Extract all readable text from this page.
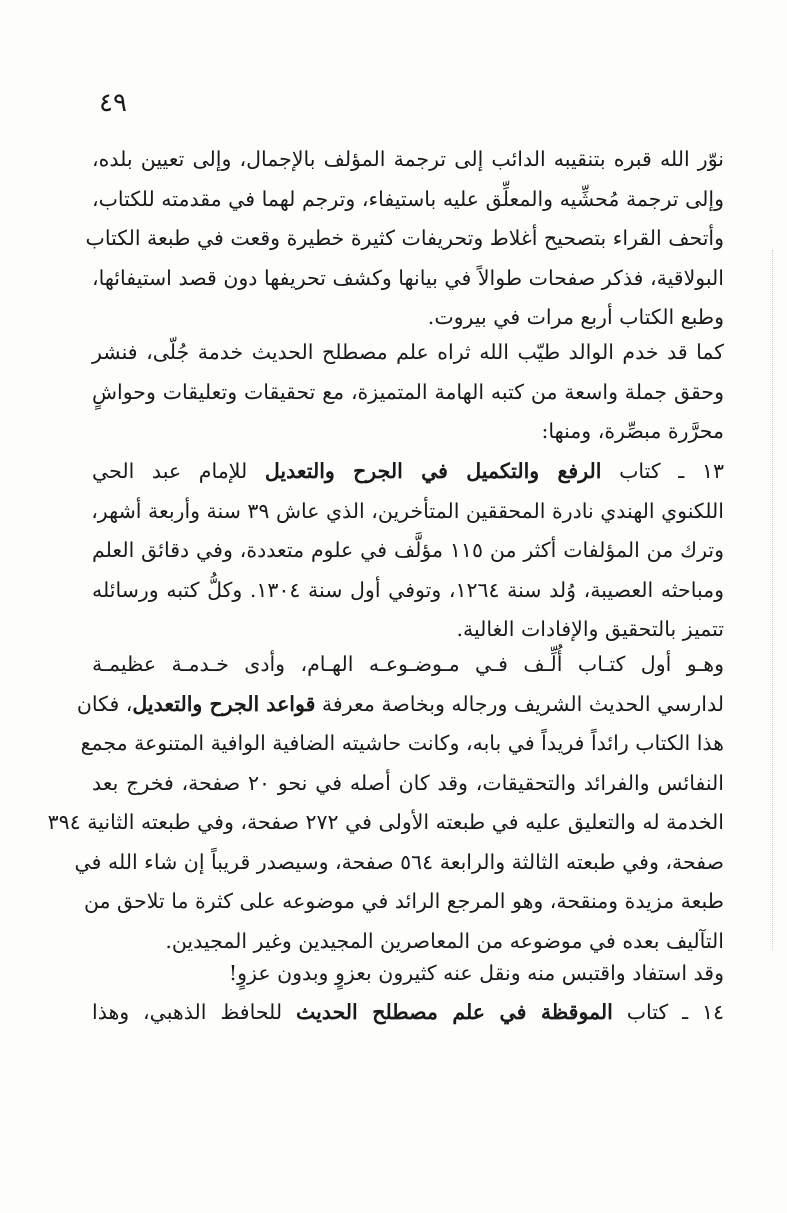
٤٩
نوّر الله قبره بتنقيبه الدائب إلى ترجمة المؤلف بالإجمال، وإلى تعيين بلده،
وإلى ترجمة مُحشِّيه والمعلِّق عليه باستيفاء، وترجم لهما في مقدمته للكتاب،
وأتحف القراء بتصحيح أغلاط وتحريفات كثيرة خطيرة وقعت في طبعة الكتاب
البولاقية، فذكر صفحات طوالاً في بيانها وكشف تحريفها دون قصد استيفائها،
وطبع الكتاب أربع مرات في بيروت.
كما قد خدم الوالد طيّب الله ثراه علم مصطلح الحديث خدمة جُلّى، فنشر
وحقق جملة واسعة من كتبه الهامة المتميزة، مع تحقيقات وتعليقات وحواشٍ
محرَّرة مبصِّرة، ومنها:
١٣ ـ كتاب الرفع والتكميل في الجرح والتعديل للإمام عبد الحي
اللكنوي الهندي نادرة المحققين المتأخرين، الذي عاش ٣٩ سنة وأربعة أشهر،
وترك من المؤلفات أكثر من ١١٥ مؤلَّف في علوم متعددة، وفي دقائق العلم
ومباحثه العصيبة، وُلد سنة ١٢٦٤، وتوفي أول سنة ١٣٠٤. وكلُّ كتبه ورسائله
تتميز بالتحقيق والإفادات الغالية.
وهـو أول كتـاب أُلِّـف فـي مـوضـوعـه الهـام، وأدى خـدمـة عظيمـة
لدارسي الحديث الشريف ورجاله وبخاصة معرفة قواعد الجرح والتعديل، فكان
هذا الكتاب رائداً فريداً في بابه، وكانت حاشيته الضافية الوافية المتنوعة مجمع
النفائس والفرائد والتحقيقات، وقد كان أصله في نحو ٢٠ صفحة، فخرج بعد
الخدمة له والتعليق عليه في طبعته الأولى في ٢٧٢ صفحة، وفي طبعته الثانية ٣٩٤
صفحة، وفي طبعته الثالثة والرابعة ٥٦٤ صفحة، وسيصدر قريباً إن شاء الله في
طبعة مزيدة ومنقحة، وهو المرجع الرائد في موضوعه على كثرة ما تلاحق من
التآليف بعده في موضوعه من المعاصرين المجيدين وغير المجيدين.
وقد استفاد واقتبس منه ونقل عنه كثيرون بعزوٍ وبدون عزوٍ!
١٤ ـ كتاب الموقظة في علم مصطلح الحديث للحافظ الذهبي، وهذا
